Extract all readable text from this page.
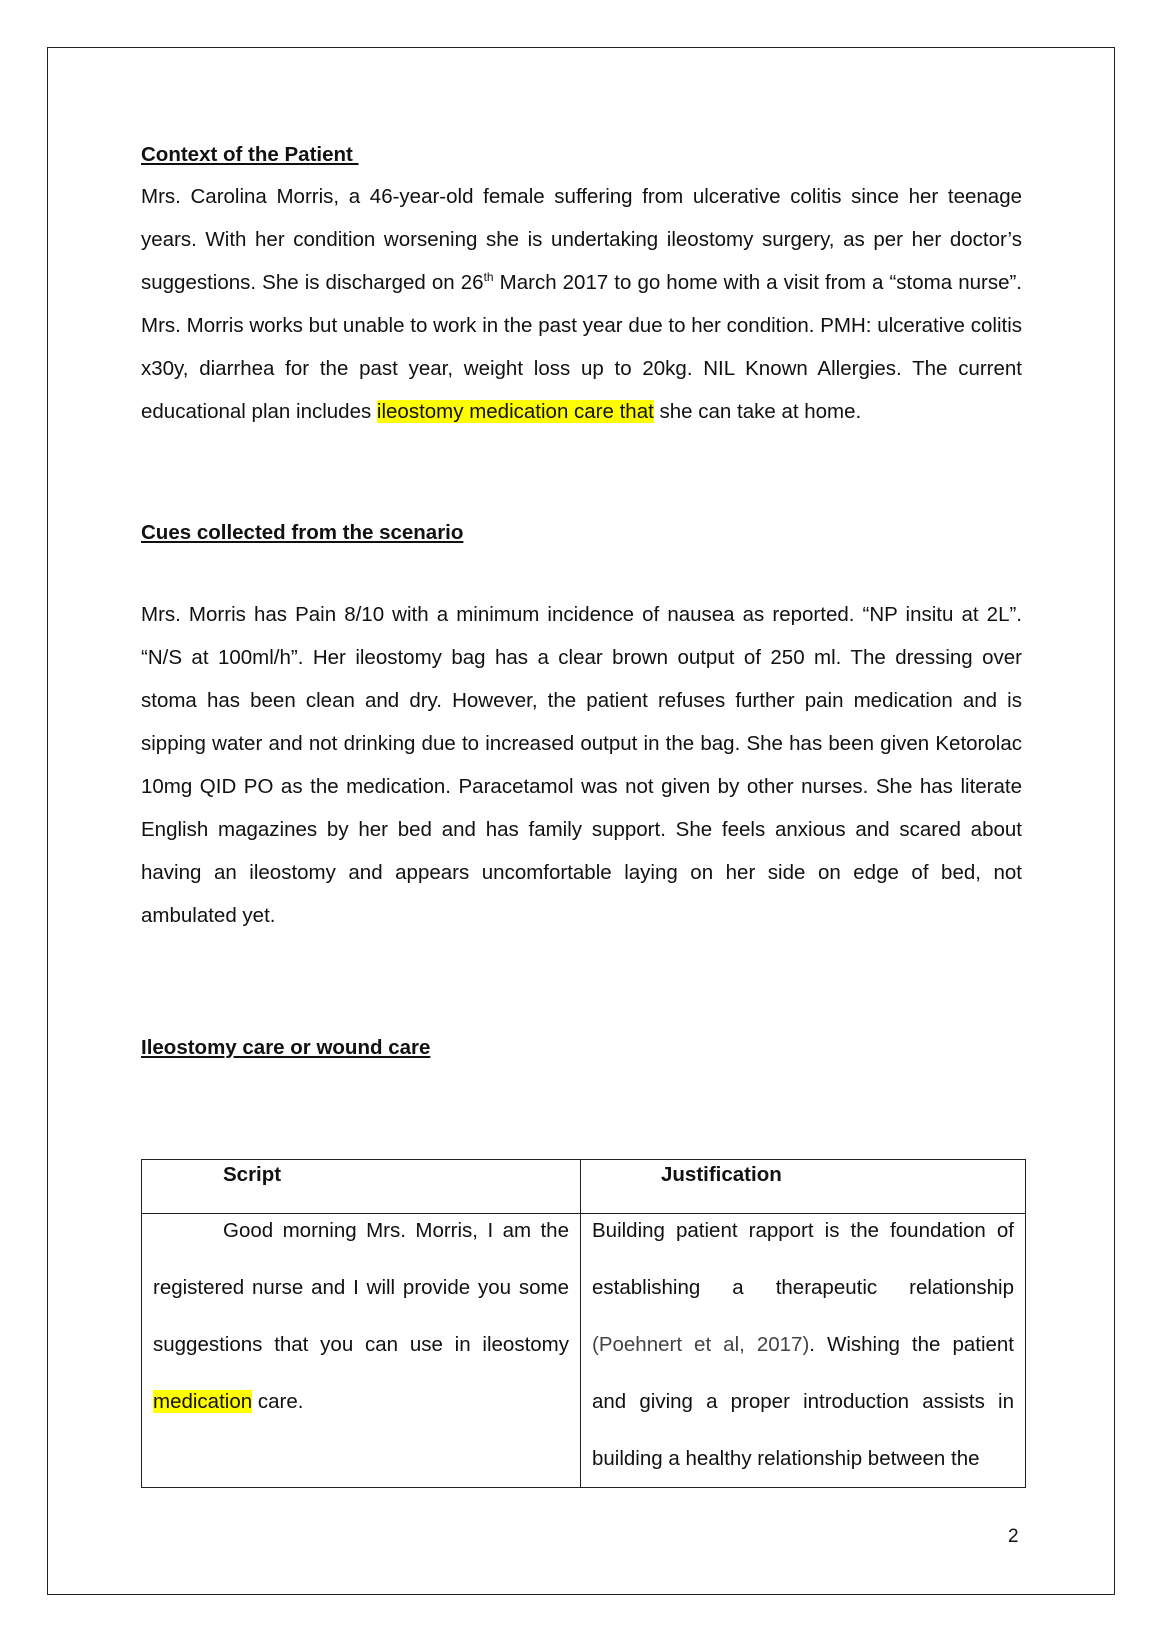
Context of the Patient

Mrs. Carolina Morris, a 46-year-old female suffering from ulcerative colitis since her teenage years. With her condition worsening she is undertaking ileostomy surgery, as per her doctor’s suggestions. She is discharged on 26th March 2017 to go home with a visit from a “stoma nurse”. Mrs. Morris works but unable to work in the past year due to her condition. PMH: ulcerative colitis x30y, diarrhea for the past year, weight loss up to 20kg. NIL Known Allergies. The current educational plan includes ileostomy medication care that she can take at home.

Cues collected from the scenario

Mrs. Morris has Pain 8/10 with a minimum incidence of nausea as reported. “NP insitu at 2L”. “N/S at 100ml/h”. Her ileostomy bag has a clear brown output of 250 ml. The dressing over stoma has been clean and dry. However, the patient refuses further pain medication and is sipping water and not drinking due to increased output in the bag. She has been given Ketorolac 10mg QID PO as the medication. Paracetamol was not given by other nurses. She has literate English magazines by her bed and has family support. She feels anxious and scared about having an ileostomy and appears uncomfortable laying on her side on edge of bed, not ambulated yet.

Ileostomy care or wound care
Script	Justification

Good morning Mrs. Morris, I am the registered nurse and I will provide you some suggestions that you can use in ileostomy medication care.	Building patient rapport is the foundation of establishing a therapeutic relationship (Poehnert et al, 2017). Wishing the patient and giving a proper introduction assists in building a healthy relationship between the
2
